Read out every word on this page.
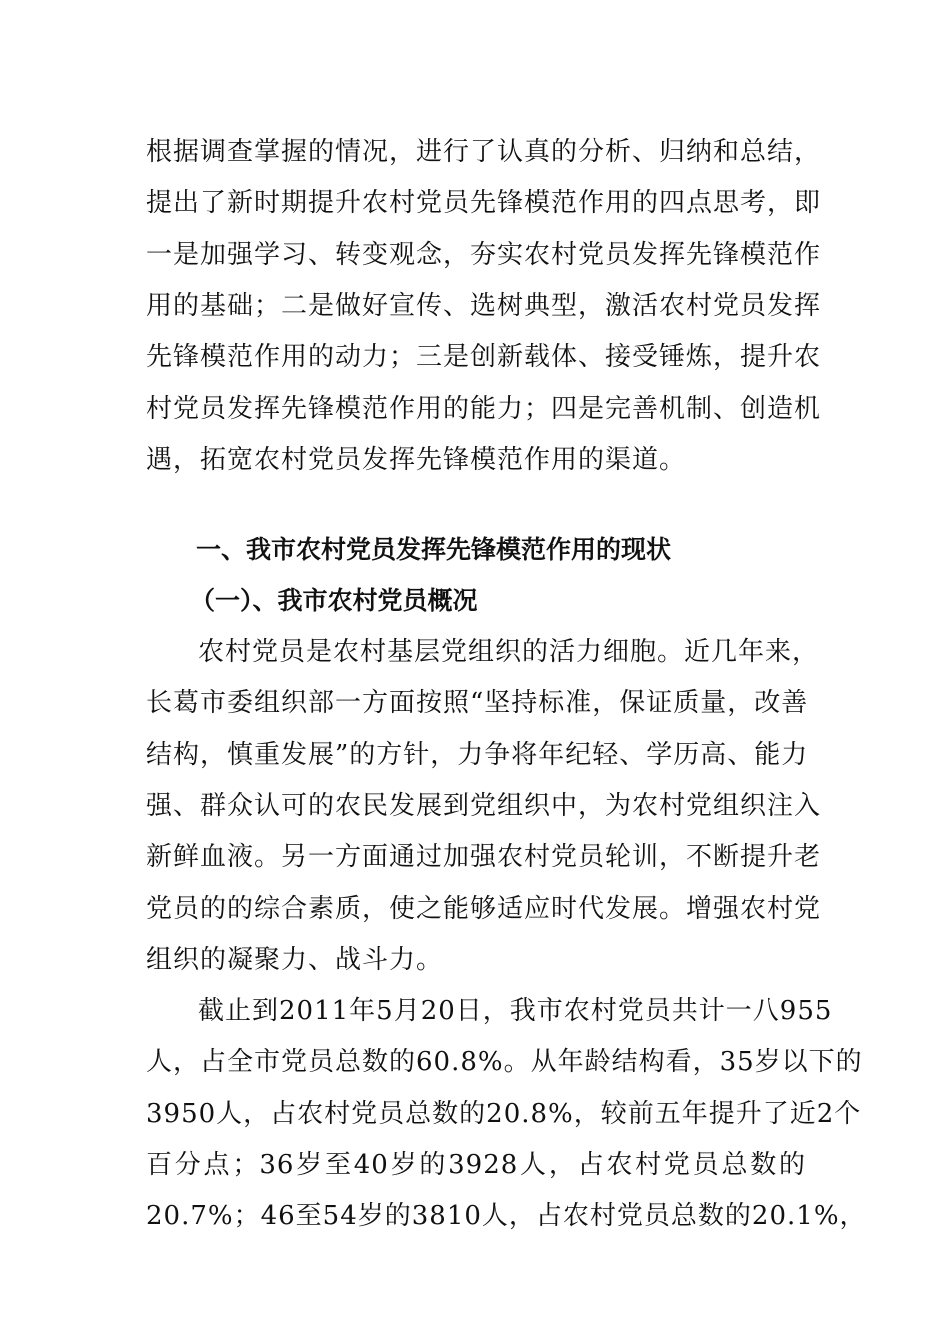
根据调查掌握的情况，进行了认真的分析、归纳和总结，
提出了新时期提升农村党员先锋模范作用的四点思考，即
一是加强学习、转变观念，夯实农村党员发挥先锋模范作
用的基础；二是做好宣传、选树典型，激活农村党员发挥
先锋模范作用的动力；三是创新载体、接受锤炼，提升农
村党员发挥先锋模范作用的能力；四是完善机制、创造机
遇，拓宽农村党员发挥先锋模范作用的渠道。
一、我市农村党员发挥先锋模范作用的现状
（一）、我市农村党员概况
农村党员是农村基层党组织的活力细胞。近几年来，
长葛市委组织部一方面按照“坚持标准，保证质量，改善
结构，慎重发展”的方针，力争将年纪轻、学历高、能力
强、群众认可的农民发展到党组织中，为农村党组织注入
新鲜血液。另一方面通过加强农村党员轮训，不断提升老
党员的的综合素质，使之能够适应时代发展。增强农村党
组织的凝聚力、战斗力。
截止到2011年5月20日，我市农村党员共计一八955
人，占全市党员总数的60.8%。从年龄结构看，35岁以下的
3950人，占农村党员总数的20.8%，较前五年提升了近2个
百分点；36岁至40岁的3928人，占农村党员总数的
20.7%；46至54岁的3810人，占农村党员总数的20.1%，
